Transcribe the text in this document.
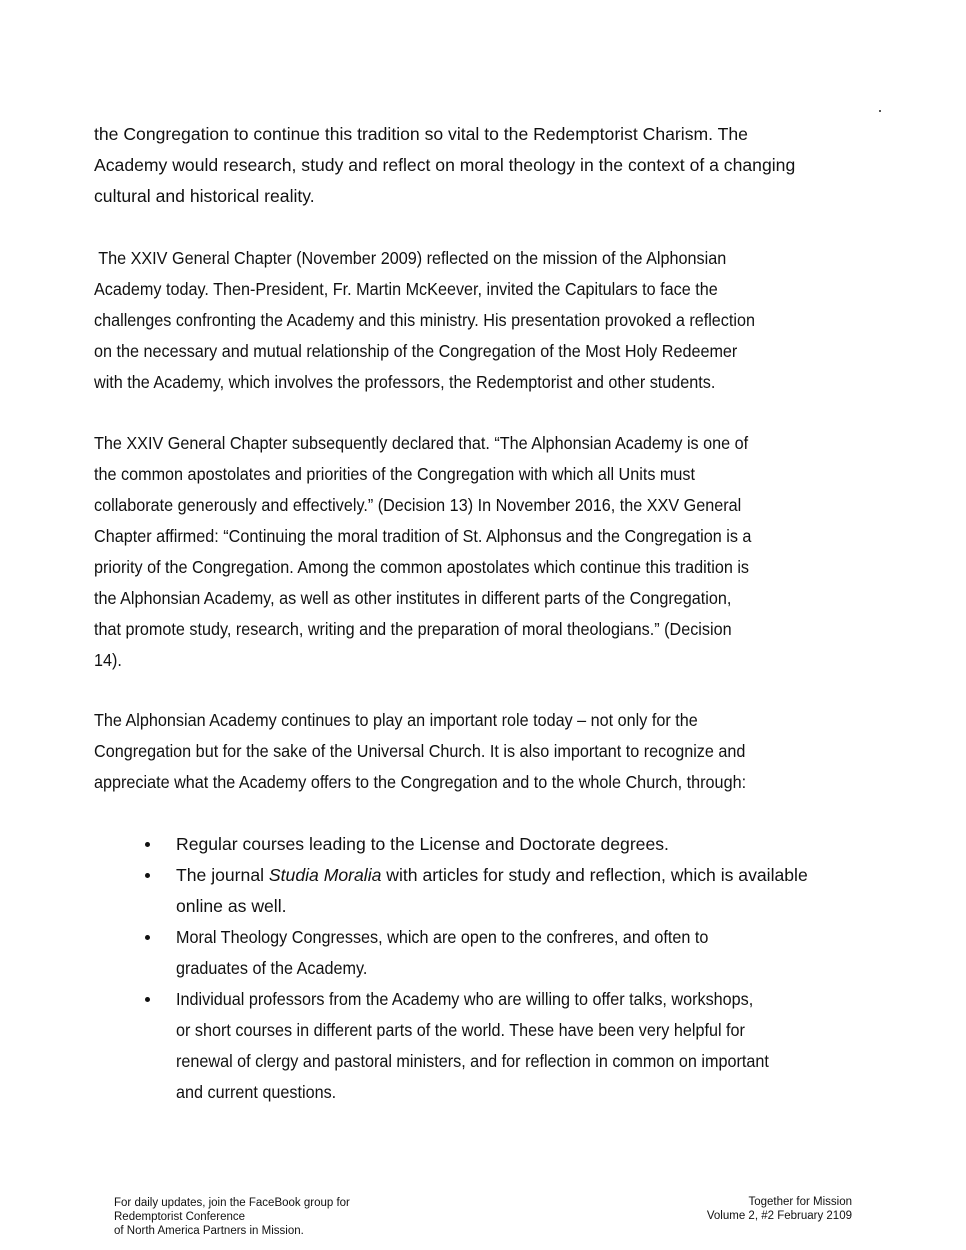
the Congregation to continue this tradition so vital to the Redemptorist Charism. The
Academy would research, study and reflect on moral theology in the context of a changing
cultural and historical reality.
The XXIV General Chapter (November 2009) reflected on the mission of the Alphonsian
Academy today. Then-President, Fr. Martin McKeever, invited the Capitulars to face the
challenges confronting the Academy and this ministry. His presentation provoked a reflection
on the necessary and mutual relationship of the Congregation of the Most Holy Redeemer
with the Academy, which involves the professors, the Redemptorist and other students.
The XXIV General Chapter subsequently declared that. “The Alphonsian Academy is one of
the common apostolates and priorities of the Congregation with which all Units must
collaborate generously and effectively.” (Decision 13) In November 2016, the XXV General
Chapter affirmed: “Continuing the moral tradition of St. Alphonsus and the Congregation is a
priority of the Congregation. Among the common apostolates which continue this tradition is
the Alphonsian Academy, as well as other institutes in different parts of the Congregation,
that promote study, research, writing and the preparation of moral theologians.” (Decision
14).
The Alphonsian Academy continues to play an important role today – not only for the
Congregation but for the sake of the Universal Church. It is also important to recognize and
appreciate what the Academy offers to the Congregation and to the whole Church, through:
Regular courses leading to the License and Doctorate degrees.
The journal Studia Moralia with articles for study and reflection, which is available
online as well.
Moral Theology Congresses, which are open to the confreres, and often to
graduates of the Academy.
Individual professors from the Academy who are willing to offer talks, workshops,
or short courses in different parts of the world. These have been very helpful for
renewal of clergy and pastoral ministers, and for reflection in common on important
and current questions.
For daily updates, join the FaceBook group for
Redemptorist Conference
of North America Partners in Mission.
Together for Mission
Volume 2, #2 February 2109
